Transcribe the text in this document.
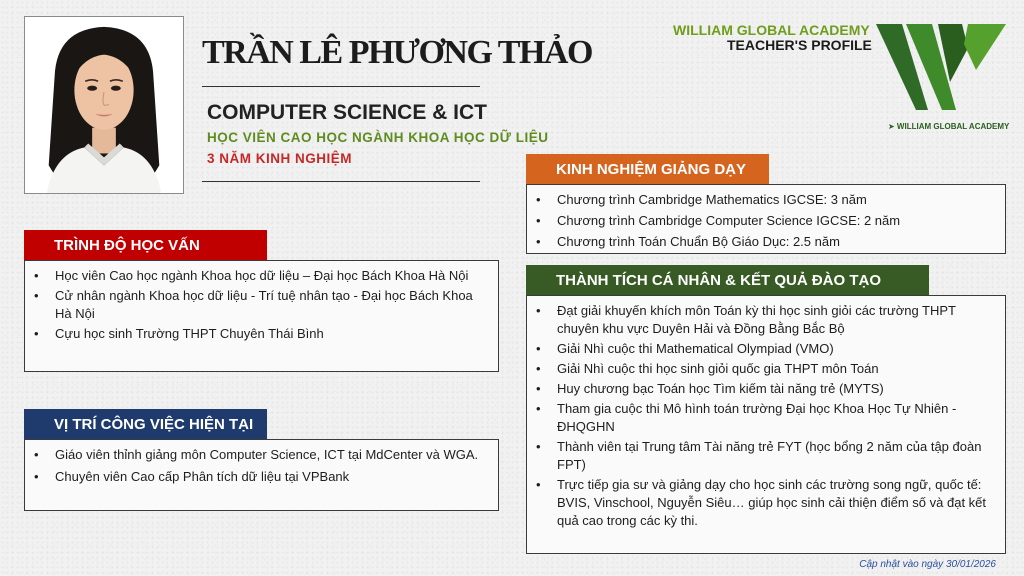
TRẦN LÊ PHƯƠNG THẢO
COMPUTER SCIENCE & ICT
HỌC VIÊN CAO HỌC NGÀNH KHOA HỌC DỮ LIỆU
3 NĂM KINH NGHIỆM
WILLIAM GLOBAL ACADEMY
TEACHER'S PROFILE
➤ WILLIAM GLOBAL ACADEMY
TRÌNH ĐỘ HỌC VẤN
• Học viên Cao học ngành Khoa học dữ liệu – Đại học Bách Khoa Hà Nội
• Cử nhân ngành Khoa học dữ liệu - Trí tuệ nhân tạo - Đại học Bách Khoa Hà Nội
• Cựu học sinh Trường THPT Chuyên Thái Bình
VỊ TRÍ CÔNG VIỆC HIỆN TẠI
• Giáo viên thỉnh giảng môn Computer Science, ICT tại MdCenter và WGA.
• Chuyên viên Cao cấp Phân tích dữ liệu tại VPBank
KINH NGHIỆM GIẢNG DẠY
• Chương trình Cambridge Mathematics IGCSE: 3 năm
• Chương trình Cambridge Computer Science IGCSE: 2 năm
• Chương trình Toán Chuẩn Bộ Giáo Dục: 2.5 năm
THÀNH TÍCH CÁ NHÂN & KẾT QUẢ ĐÀO TẠO
• Đạt giải khuyến khích môn Toán kỳ thi học sinh giỏi các trường THPT chuyên khu vực Duyên Hải và Đồng Bằng Bắc Bộ
• Giải Nhì cuộc thi Mathematical Olympiad (VMO)
• Giải Nhì cuộc thi học sinh giỏi quốc gia THPT môn Toán
• Huy chương bạc Toán học Tìm kiếm tài năng trẻ (MYTS)
• Tham gia cuộc thi Mô hình toán trường Đại học Khoa Học Tự Nhiên - ĐHQGHN
• Thành viên tại Trung tâm Tài năng trẻ FYT (học bổng 2 năm của tập đoàn FPT)
• Trực tiếp gia sư và giảng dạy cho học sinh các trường song ngữ, quốc tế: BVIS, Vinschool, Nguyễn Siêu… giúp học sinh cải thiện điểm số và đạt kết quả cao trong các kỳ thi.
Cập nhật vào ngày 30/01/2026
